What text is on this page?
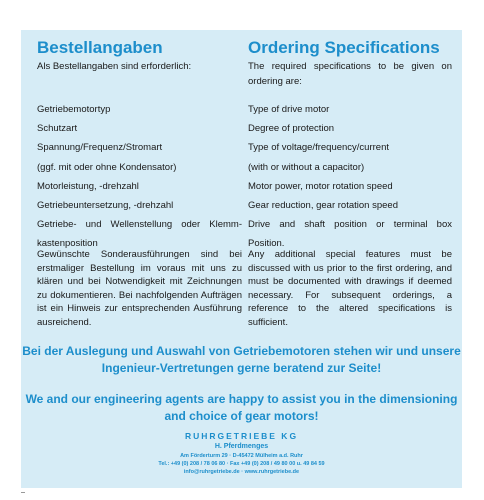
Bestellangaben
Als Bestellangaben sind erforderlich:
Getriebemotortyp
Schutzart
Spannung/Frequenz/Stromart
(ggf. mit oder ohne Kondensator)
Motorleistung, -drehzahl
Getriebeuntersetzung, -drehzahl
Getriebe- und Wellenstellung oder Klemm-
kastenposition
Gewünschte Sonderausführungen sind bei erstmaliger Bestellung im voraus mit uns zu klären und bei Notwendigkeit mit Zeichnungen zu dokumentieren. Bei nachfolgenden Aufträgen ist ein Hinweis zur entsprechenden Ausführung ausreichend.
Ordering Specifications
The required specifications to be given on ordering are:
Type of drive motor
Degree of protection
Type of voltage/frequency/current
(with or without a capacitor)
Motor power, motor rotation speed
Gear reduction, gear rotation speed
Drive and shaft position or terminal box
Position.
Any additional special features must be discussed with us prior to the first ordering, and must be documented with drawings if deemed necessary. For subsequent orderings, a reference to the altered specifications is sufficient.
Bei der Auslegung und Auswahl von Getriebemotoren stehen wir und unsere Ingenieur-Vertretungen gerne beratend zur Seite!
We and our engineering agents are happy to assist you in the dimensioning and choice of gear motors!
RUHRGETRIEBE KG
H. Pferdmenges
Am Förderturm 29 · D-45472 Mülheim a.d. Ruhr
Tel.: +49 (0) 208 / 78 06 80 · Fax +49 (0) 208 / 49 80 00 u. 49 84 59
info@ruhrgetriebe.de · www.ruhrgetriebe.de
